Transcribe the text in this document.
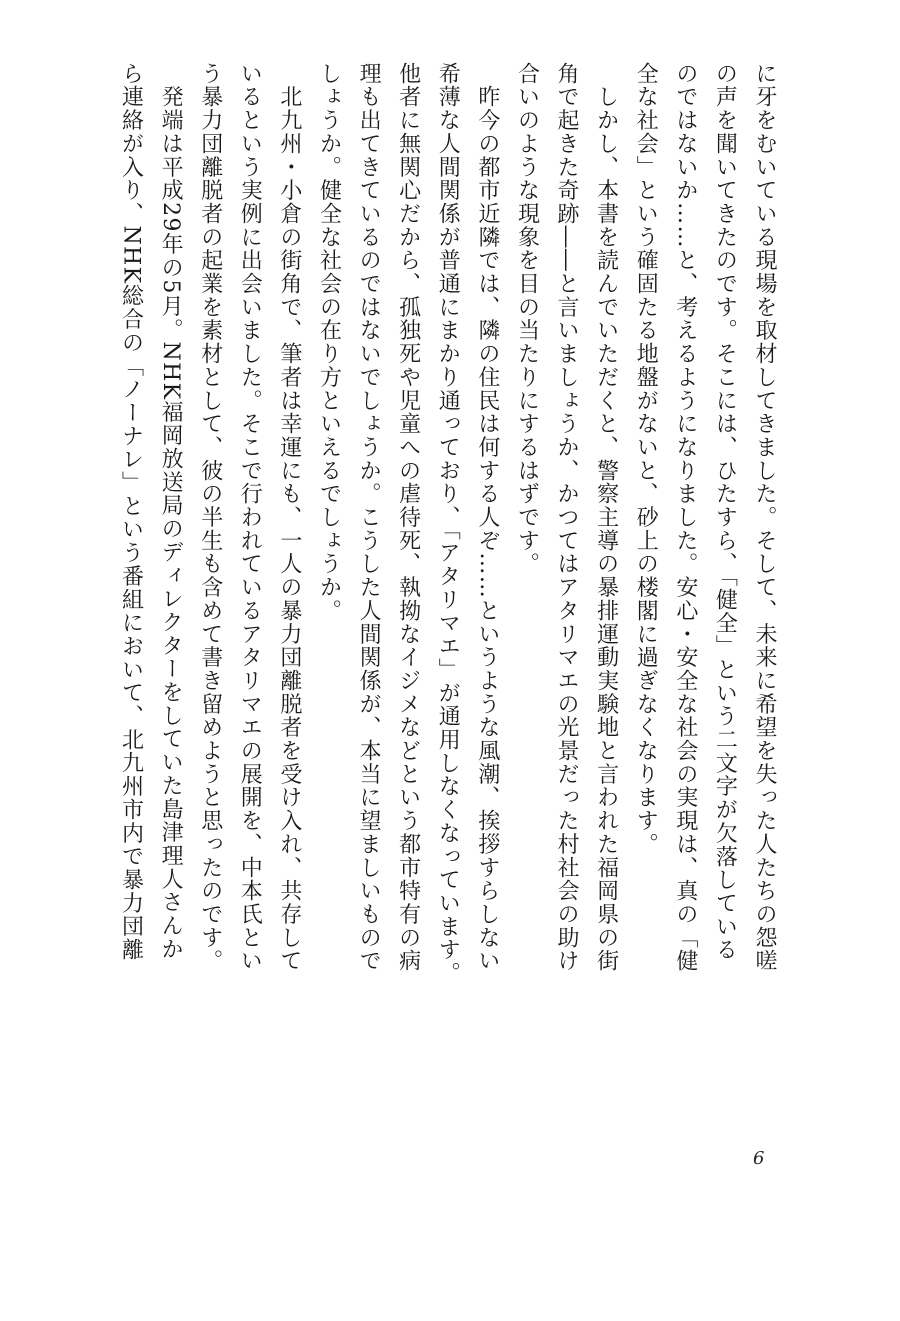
に牙をむいている現場を取材してきました。そして、未来に希望を失った人たちの怨嗟

の声を聞いてきたのです。そこには、ひたすら、「健全」という二文字が欠落している

のではないか……と、考えるようになりました。安心・安全な社会の実現は、真の「健

全な社会」という確固たる地盤がないと、砂上の楼閣に過ぎなくなります。

　しかし、本書を読んでいただくと、警察主導の暴排運動実験地と言われた福岡県の街

角で起きた奇跡――と言いましょうか、かつてはアタリマエの光景だった村社会の助け

合いのような現象を目の当たりにするはずです。

　昨今の都市近隣では、隣の住民は何する人ぞ……というような風潮、挨拶すらしない

希薄な人間関係が普通にまかり通っており、「アタリマエ」が通用しなくなっています。

他者に無関心だから、孤独死や児童への虐待死、執拗なイジメなどという都市特有の病

理も出てきているのではないでしょうか。こうした人間関係が、本当に望ましいもので

しょうか。健全な社会の在り方といえるでしょうか。

　北九州・小倉の街角で、筆者は幸運にも、一人の暴力団離脱者を受け入れ、共存して

いるという実例に出会いました。そこで行われているアタリマエの展開を、中本氏とい

う暴力団離脱者の起業を素材として、彼の半生も含めて書き留めようと思ったのです。

　発端は平成29年の5月。NHK福岡放送局のディレクターをしていた島津理人さんか

ら連絡が入り、NHK総合の「ノーナレ」という番組において、北九州市内で暴力団離

6
